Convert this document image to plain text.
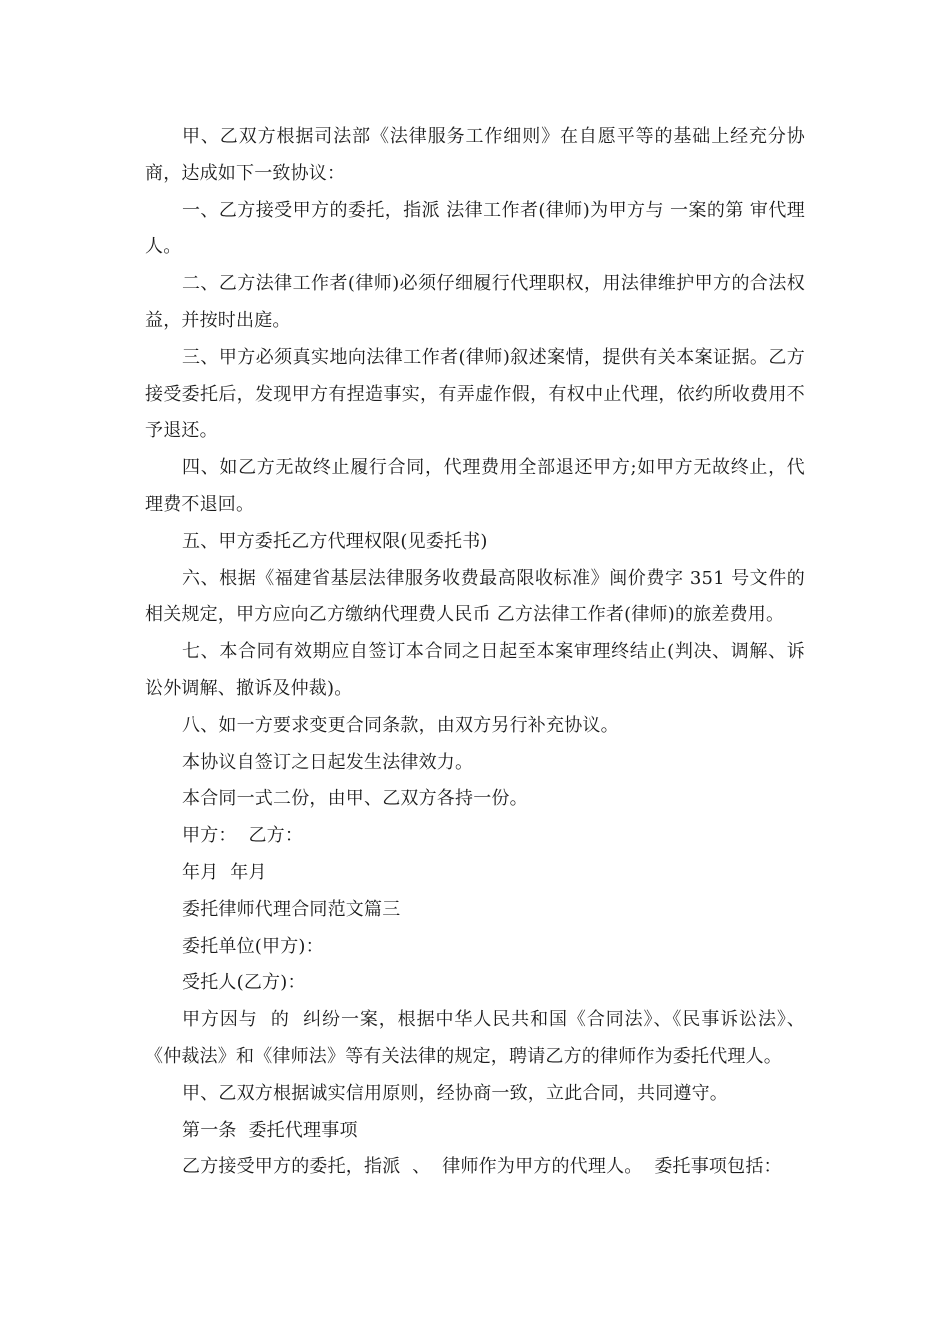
甲、乙双方根据司法部《法律服务工作细则》在自愿平等的基础上经充分协商，达成如下一致协议：

一、乙方接受甲方的委托，指派 法律工作者(律师)为甲方与 一案的第 审代理人。

二、乙方法律工作者(律师)必须仔细履行代理职权，用法律维护甲方的合法权益，并按时出庭。

三、甲方必须真实地向法律工作者(律师)叙述案情，提供有关本案证据。乙方接受委托后，发现甲方有捏造事实，有弄虚作假，有权中止代理，依约所收费用不予退还。

四、如乙方无故终止履行合同，代理费用全部退还甲方;如甲方无故终止，代理费不退回。

五、甲方委托乙方代理权限(见委托书)

六、根据《福建省基层法律服务收费最高限收标准》闽价费字 351 号文件的相关规定，甲方应向乙方缴纳代理费人民币 乙方法律工作者(律师)的旅差费用。

七、本合同有效期应自签订本合同之日起至本案审理终结止(判决、调解、诉讼外调解、撤诉及仲裁)。

八、如一方要求变更合同条款，由双方另行补充协议。

本协议自签订之日起发生法律效力。

本合同一式二份，由甲、乙双方各持一份。

甲方：  乙方：

年月  年月

委托律师代理合同范文篇三

委托单位(甲方)：

受托人(乙方)：

甲方因与  的  纠纷一案，根据中华人民共和国《合同法》、《民事诉讼法》、《仲裁法》和《律师法》等有关法律的规定，聘请乙方的律师作为委托代理人。

甲、乙双方根据诚实信用原则，经协商一致，立此合同，共同遵守。

第一条  委托代理事项

乙方接受甲方的委托，指派  、  律师作为甲方的代理人。  委托事项包括：
